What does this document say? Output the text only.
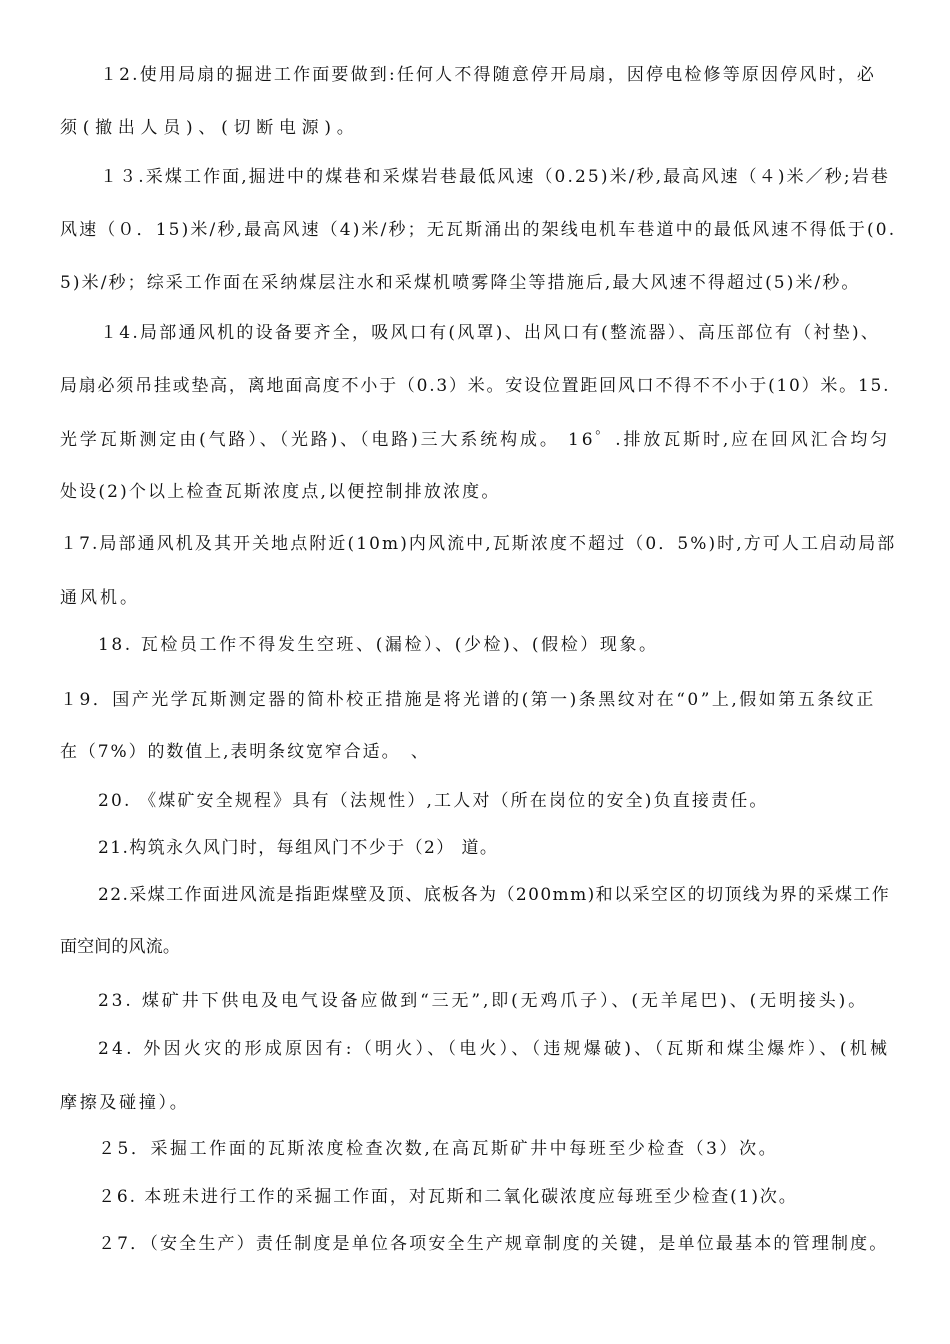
１2.使用局扇的掘进工作面要做到:任何人不得随意停开局扇，因停电检修等原因停风时，必
须(撤出人员)、(切断电源)。
１３.采煤工作面,掘进中的煤巷和采煤岩巷最低风速（0.25)米/秒,最高风速（４)米／秒;岩巷
风速（０．15)米/秒,最高风速（4)米/秒；无瓦斯涌出的架线电机车巷道中的最低风速不得低于(0.
5)米/秒；综采工作面在采纳煤层注水和采煤机喷雾降尘等措施后,最大风速不得超过(5)米/秒。
１4.局部通风机的设备要齐全，吸风口有(风罩)、出风口有(整流器）、高压部位有（衬垫)、
局扇必须吊挂或垫高，离地面高度不小于（0.3）米。安设位置距回风口不得不不小于(10）米。15.
光学瓦斯测定由(气路）、（光路)、（电路)三大系统构成。 16゜.排放瓦斯时,应在回风汇合均匀
处设(2)个以上检查瓦斯浓度点,以便控制排放浓度。
１7.局部通风机及其开关地点附近(10m)内风流中,瓦斯浓度不超过（0．5%)时,方可人工启动局部
通风机。
18. 瓦检员工作不得发生空班、(漏检）、(少检)、(假检）现象。
１9．国产光学瓦斯测定器的简朴校正措施是将光谱的(第一)条黑纹对在“0”上,假如第五条纹正
在（7%）的数值上,表明条纹宽窄合适。　、
20. 《煤矿安全规程》具有（法规性）,工人对（所在岗位的安全)负直接责任。
21.构筑永久风门时，每组风门不少于（2） 道。
22.采煤工作面进风流是指距煤壁及顶、底板各为（200mm)和以采空区的切顶线为界的采煤工作
面空间的风流。
23. 煤矿井下供电及电气设备应做到“三无”,即(无鸡爪子）、(无羊尾巴)、(无明接头)。
24. 外因火灾的形成原因有:（明火）、（电火）、（违规爆破)、（瓦斯和煤尘爆炸）、(机械
摩擦及碰撞）。
２5．采掘工作面的瓦斯浓度检查次数,在高瓦斯矿井中每班至少检查（3）次。
２6. 本班未进行工作的采掘工作面，对瓦斯和二氧化碳浓度应每班至少检查(1)次。
２7．（安全生产）责任制度是单位各项安全生产规章制度的关键，是单位最基本的管理制度。
